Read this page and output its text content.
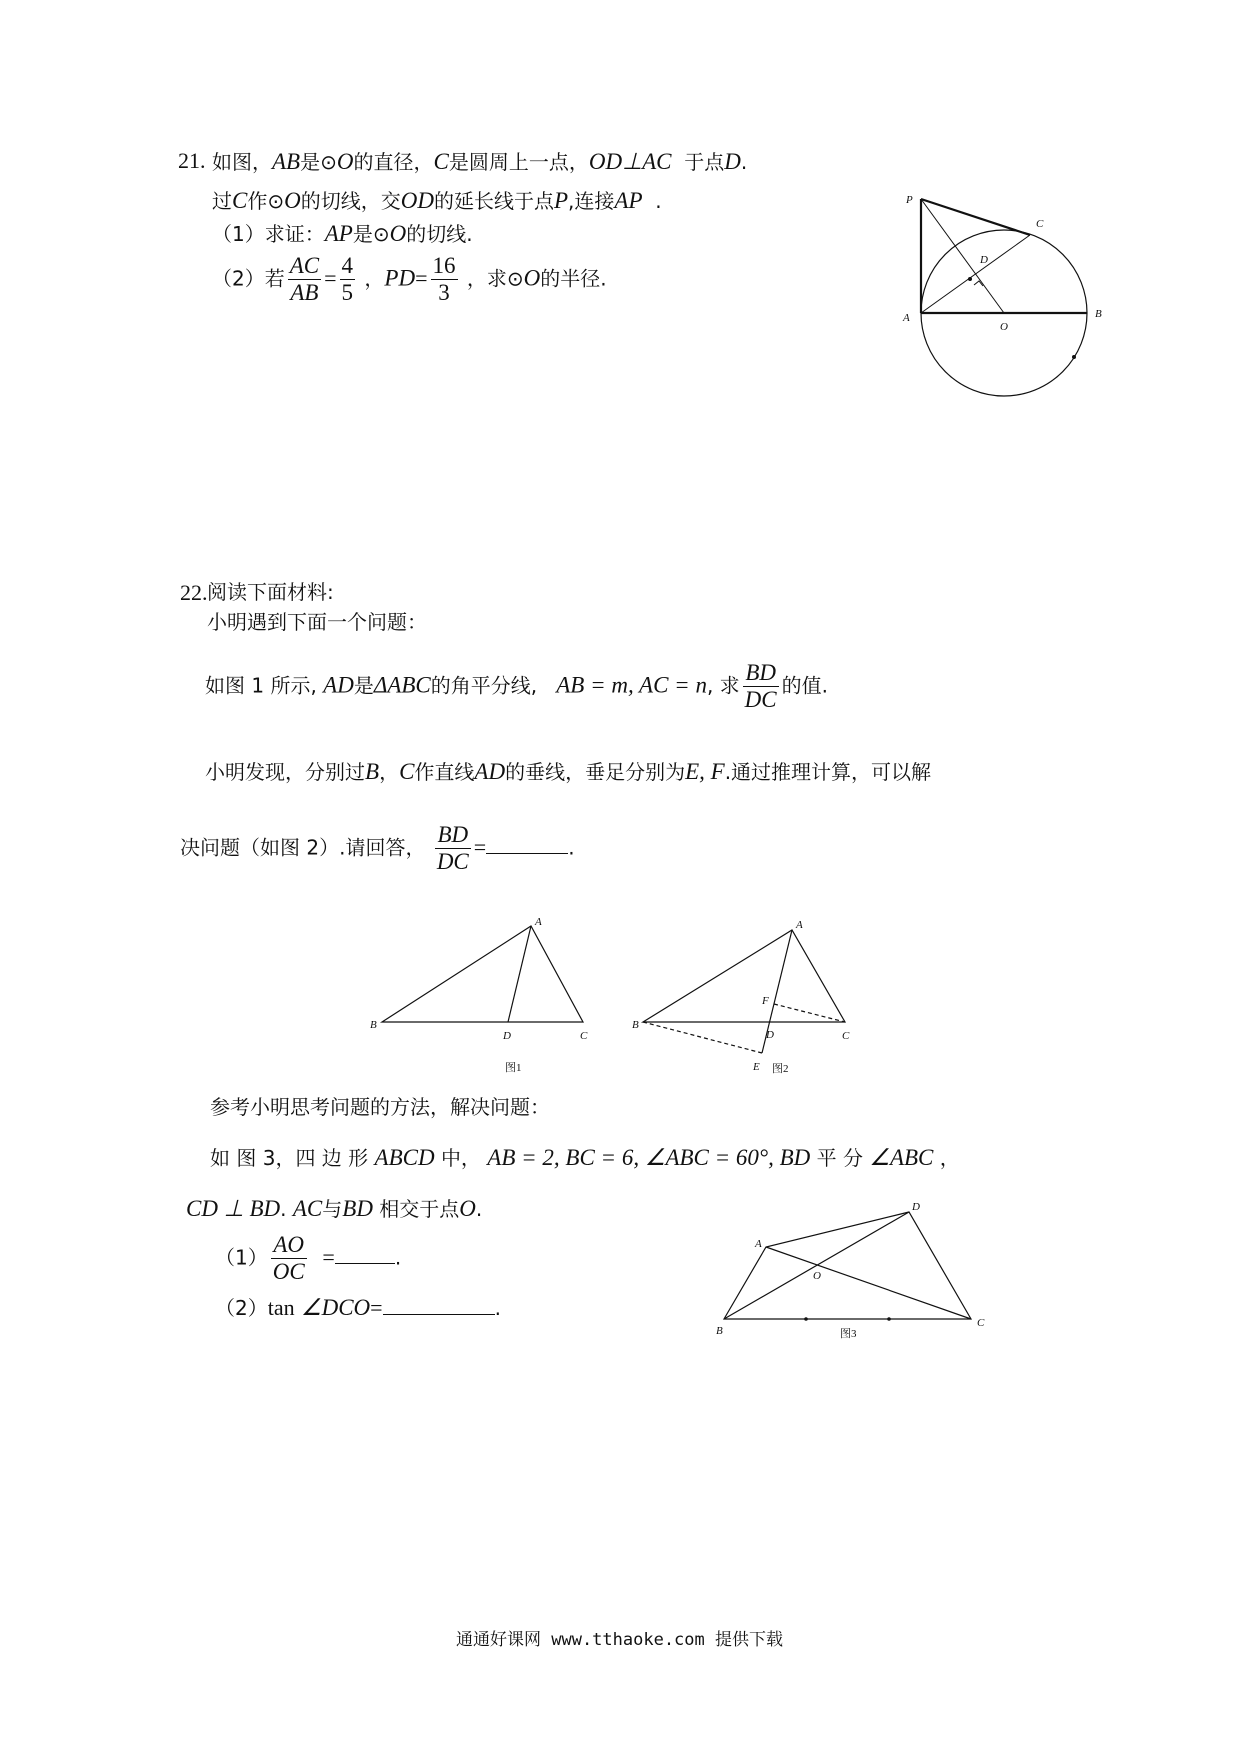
21. 如图，AB是⊙O的直径，C是圆周上一点，OD⊥AC 于点D.
过C作⊙O的切线，交OD的延长线于点P,连接AP .
（1）求证：AP是⊙O的切线.
（2）若 $\frac{AC}{AB} = \frac{4}{5}$ ，$PD= \frac{16}{3}$ ，求⊙O的半径.
22. 阅读下面材料:
小明遇到下面一个问题：
如图 1 所示, AD是ΔABC的角平分线, AB = m, AC = n, 求 $\frac{BD}{DC}$ 的值.
小明发现，分别过B，C作直线AD的垂线，垂足分别为E, F.通过推理计算，可以解
决问题（如图 2）.请回答， $\frac{BD}{DC}$ =	.
参考小明思考问题的方法，解决问题：
如 图 3，四 边 形 ABCD 中， AB = 2, BC = 6, ∠ABC = 60°, BD 平 分 ∠ABC ，
CD ⊥ BD. AC与BD 相交于点O.
$(1) \frac{AO}{OC}$ =	.
（2）tan ∠DCO=	.
P
C
D
A
O
B
A
B
D	C
图1
A
B
D	C
F
E 图2
A
D
O
B
C
图3
通通好课网 www.tthaoke.com 提供下载
